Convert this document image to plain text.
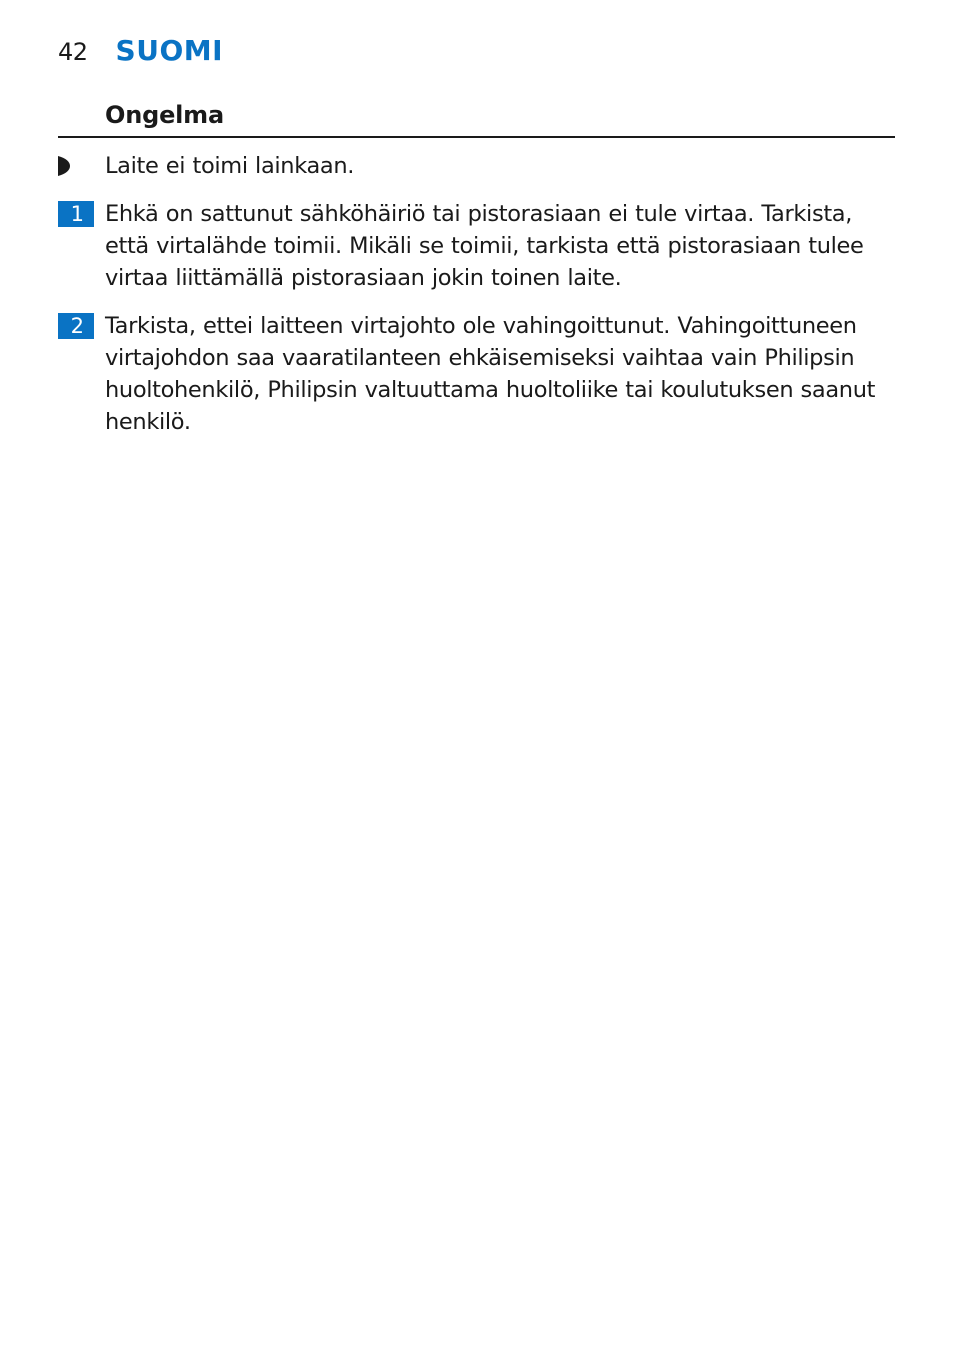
42 SUOMI
Ongelma

Laite ei toimi lainkaan.

1 Ehkä on sattunut sähköhäiriö tai pistorasiaan ei tule virtaa. Tarkista, että virtalähde toimii. Mikäli se toimii, tarkista että pistorasiaan tulee virtaa liittämällä pistorasiaan jokin toinen laite.

2 Tarkista, ettei laitteen virtajohto ole vahingoittunut. Vahingoittuneen virtajohdon saa vaaratilanteen ehkäisemiseksi vaihtaa vain Philipsin huoltohenkilö, Philipsin valtuuttama huoltoliike tai koulutuksen saanut henkilö.
